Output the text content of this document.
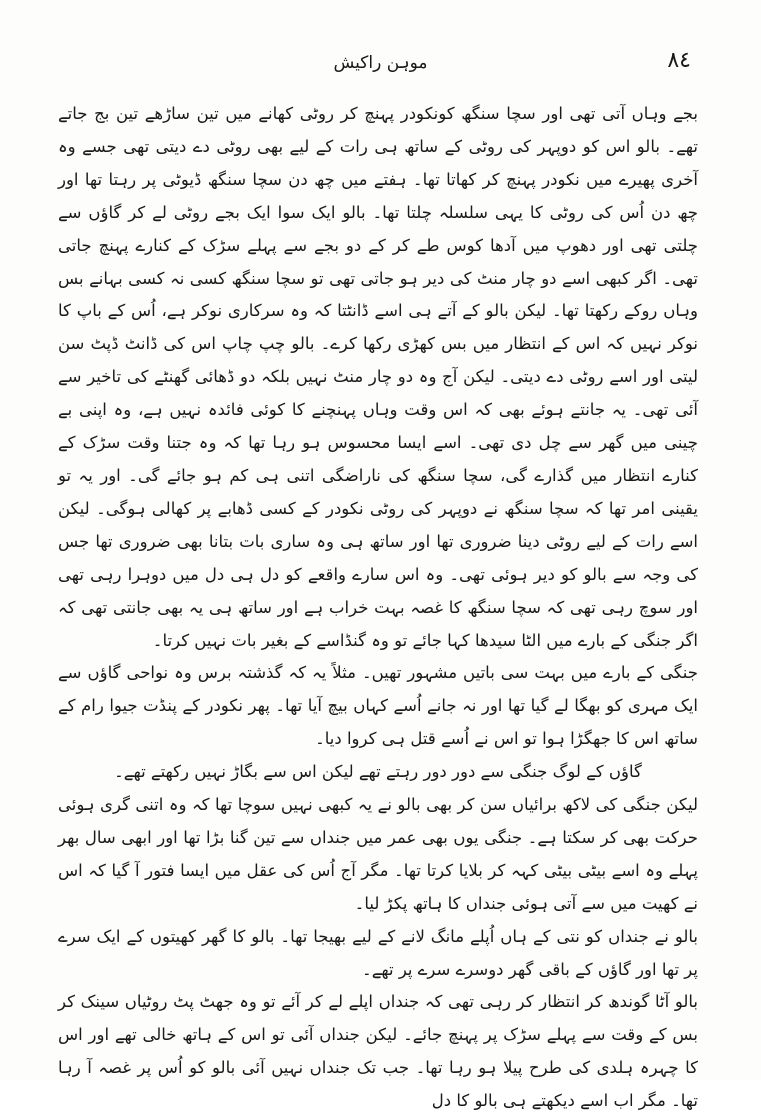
٨٤
موہن راکیش

بجے وہاں آتی تھی اور سچا سنگھ کونکودر پہنچ کر روٹی کھانے میں تین ساڑھے تین بج جاتے تھے۔ بالو اس کو دوپہر کی روٹی کے ساتھ ہی رات کے لیے بھی روٹی دے دیتی تھی جسے وہ آخری پھیرے میں نکودر پہنچ کر کھاتا تھا۔ ہفتے میں چھ دن سچا سنگھ ڈیوٹی پر رہتا تھا اور چھ دن اُس کی روٹی کا یہی سلسلہ چلتا تھا۔ بالو ایک سوا ایک بجے روٹی لے کر گاؤں سے چلتی تھی اور دھوپ میں آدھا کوس طے کر کے دو بجے سے پہلے سڑک کے کنارے پہنچ جاتی تھی۔ اگر کبھی اسے دو چار منٹ کی دیر ہو جاتی تھی تو سچا سنگھ کسی نہ کسی بہانے بس وہاں روکے رکھتا تھا۔ لیکن بالو کے آتے ہی اسے ڈانٹتا کہ وہ سرکاری نوکر ہے، اُس کے باپ کا نوکر نہیں کہ اس کے انتظار میں بس کھڑی رکھا کرے۔ بالو چپ چاپ اس کی ڈانٹ ڈپٹ سن لیتی اور اسے روٹی دے دیتی۔ لیکن آج وہ دو چار منٹ نہیں بلکہ دو ڈھائی گھنٹے کی تاخیر سے آئی تھی۔ یہ جانتے ہوئے بھی کہ اس وقت وہاں پہنچنے کا کوئی فائدہ نہیں ہے، وہ اپنی بے چینی میں گھر سے چل دی تھی۔ اسے ایسا محسوس ہو رہا تھا کہ وہ جتنا وقت سڑک کے کنارے انتظار میں گذارے گی، سچا سنگھ کی ناراضگی اتنی ہی کم ہو جائے گی۔ اور یہ تو یقینی امر تھا کہ سچا سنگھ نے دوپہر کی روٹی نکودر کے کسی ڈھابے پر کھالی ہوگی۔ لیکن اسے رات کے لیے روٹی دینا ضروری تھا اور ساتھ ہی وہ ساری بات بتانا بھی ضروری تھا جس کی وجہ سے بالو کو دیر ہوئی تھی۔ وہ اس سارے واقعے کو دل ہی دل میں دوہرا رہی تھی اور سوچ رہی تھی کہ سچا سنگھ کا غصہ بہت خراب ہے اور ساتھ ہی یہ بھی جانتی تھی کہ اگر جنگی کے بارے میں الٹا سیدھا کہا جائے تو وہ گنڈاسے کے بغیر بات نہیں کرتا۔

جنگی کے بارے میں بہت سی باتیں مشہور تھیں۔ مثلاً یہ کہ گذشتہ برس وہ نواحی گاؤں سے ایک مہری کو بھگا لے گیا تھا اور نہ جانے اُسے کہاں بیچ آیا تھا۔ پھر نکودر کے پنڈت جیوا رام کے ساتھ اس کا جھگڑا ہوا تو اس نے اُسے قتل ہی کروا دیا۔

گاؤں کے لوگ جنگی سے دور دور رہتے تھے لیکن اس سے بگاڑ نہیں رکھتے تھے۔

لیکن جنگی کی لاکھ برائیاں سن کر بھی بالو نے یہ کبھی نہیں سوچا تھا کہ وہ اتنی گری ہوئی حرکت بھی کر سکتا ہے۔ جنگی یوں بھی عمر میں جنداں سے تین گنا بڑا تھا اور ابھی سال بھر پہلے وہ اسے بیٹی بیٹی کہہ کر بلایا کرتا تھا۔ مگر آج اُس کی عقل میں ایسا فتور آ گیا کہ اس نے کھیت میں سے آتی ہوئی جنداں کا ہاتھ پکڑ لیا۔

بالو نے جنداں کو نتی کے ہاں اُپلے مانگ لانے کے لیے بھیجا تھا۔ بالو کا گھر کھیتوں کے ایک سرے پر تھا اور گاؤں کے باقی گھر دوسرے سرے پر تھے۔

بالو آٹا گوندھ کر انتظار کر رہی تھی کہ جنداں اپلے لے کر آئے تو وہ جھٹ پٹ روٹیاں سینک کر بس کے وقت سے پہلے سڑک پر پہنچ جائے۔ لیکن جنداں آئی تو اس کے ہاتھ خالی تھے اور اس کا چہرہ ہلدی کی طرح پیلا ہو رہا تھا۔ جب تک جنداں نہیں آئی بالو کو اُس پر غصہ آ رہا تھا۔ مگر اب اسے دیکھتے ہی بالو کا دل
